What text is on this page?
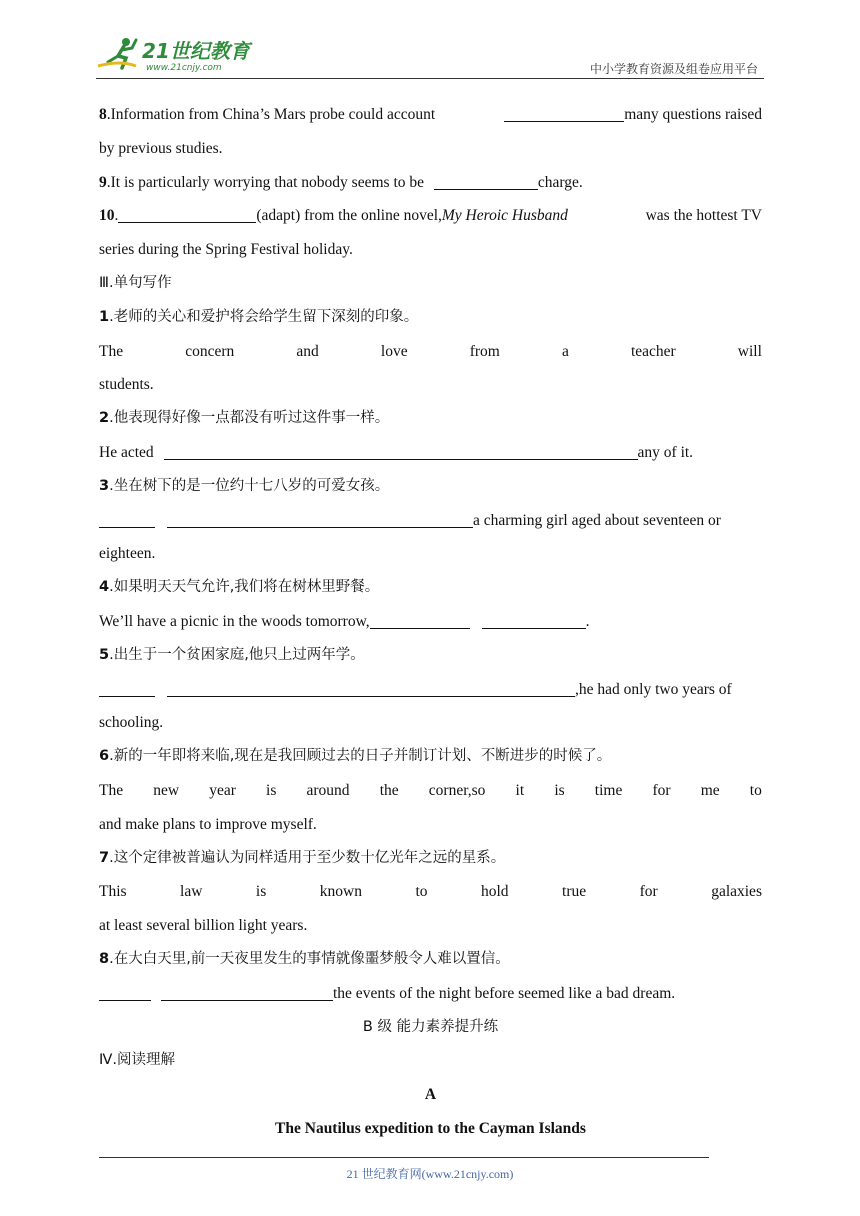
21世纪教育
www.21cnjy.com	中小学教育资源及组卷应用平台
8.Information from China’s Mars probe could account	many questions raised
by previous studies.
9.It is particularly worrying that nobody seems to be	charge.
10.	(adapt) from the online novel,My Heroic Husband	was the hottest TV
series during the Spring Festival holiday.
Ⅲ.单句写作
1.老师的关心和爱护将会给学生留下深刻的印象。
The	concern	and	love	from	a	teacher	will
students.
2.他表现得好像一点都没有听过这件事一样。
He acted	any of it.
3.坐在树下的是一位约十七八岁的可爱女孩。
a charming girl aged about seventeen or
eighteen.
4.如果明天天气允许,我们将在树林里野餐。
We’ll have a picnic in the woods tomorrow,	.
5.出生于一个贫困家庭,他只上过两年学。
,he had only two years of
schooling.
6.新的一年即将来临,现在是我回顾过去的日子并制订计划、不断进步的时候了。
The new year is around the corner,so it is time for me to
and make plans to improve myself.
7.这个定律被普遍认为同样适用于至少数十亿光年之远的星系。
This	law	is	known	to	hold	true	for	galaxies
at least several billion light years.
8.在大白天里,前一天夜里发生的事情就像噩梦般令人难以置信。
the events of the night before seemed like a bad dream.
B 级 能力素养提升练
Ⅳ.阅读理解
A
The Nautilus expedition to the Cayman Islands
21 世纪教育网(www.21cnjy.com)
